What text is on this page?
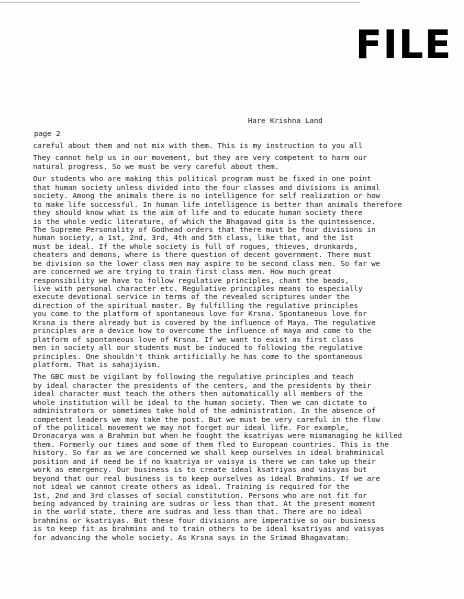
FILE
Hare Krishna Land
page 2
careful about them and not mix with them. This is my instruction to you all
They cannot help us in our movement, but they are very competent to harm our
natural progress. So we must be very careful about them.
Our students who are making this political program must be fixed in one point
that human society unless divided into the four classes and divisions is animal
society. Among the animals there is no intelligence for self realization or how
to make life successful. In human life intelligence is better than animals therefore
they should know what is the aim of life and to educate human society there
is the whole vedic literature, of which the Bhagavad gita is the quintessence.
The Supreme Personality of Godhead orders that there must be four divisions in
human society, a 1st, 2nd, 3rd, 4th and 5th class, like that, and the 1st
must be ideal. If the whole society is full of rogues, thieves, drunkards,
cheaters and demons, where is there question of decent government. There must
be division so the lower class men may aspire to be second class men. So far we
are concerned we are trying to train first class men. How much great
responsibility we have to follow regulative principles, chant the beads,
live with personal character etc. Regulative principles means to especially
execute devotional service in terms of the revealed scriptures under the
direction of the spiritual master. By fulfilling the regulative principles
you come to the platform of spontaneous love for Krsna. Spontaneous love for
Krsna is there already but is covered by the influence of Maya. The regulative
principles are a device how to overcome the influence of maya and come to the
platform of spontaneous love of Krsna. If we want to exist as first class
men in society all our students must be induced to following the regulative
principles. One shouldn't think artificially he has come to the spontaneous
platform. That is sahajiyism.
The GBC must be vigilant by following the regulative principles and teach
by ideal character the presidents of the centers, and the presidents by their
ideal character must teach the others then automatically all members of the
whole institution will be ideal to the human society. Then we can dictate to
administrators or sometimes take hold of the administration. In the absence of
competent leaders we may take the post. But we must be very careful in the flow
of the political movement we may not forget our ideal life. For example,
Dronacarya was a Brahmin but when he fought the ksatriyas were mismanaging he killed
them. Formerly our times and some of them fled to European countries. This is the
history. So far as we are concerned we shall keep ourselves in ideal brahminical
position and if need be if no ksatriya or vaisya is there we can take up their
work as emergency. Our business is to create ideal ksatriyas and vaisyas but
beyond that our real business is to keep ourselves as ideal Brahmins. If we are
not ideal we cannot create others as ideal. Training is required for the
1st, 2nd and 3rd classes of social constitution. Persons who are not fit for
being advanced by training are sudras or less than that. At the present moment
in the world state, there are sudras and less than that. There are no ideal
brahmins or ksatriyas. But these four divisions are imperative so our business
is to keep fit as brahmins and to train others to be ideal ksatriyas and vaisyas
for advancing the whole society. As Krsna says in the Srimad Bhagavatam:
